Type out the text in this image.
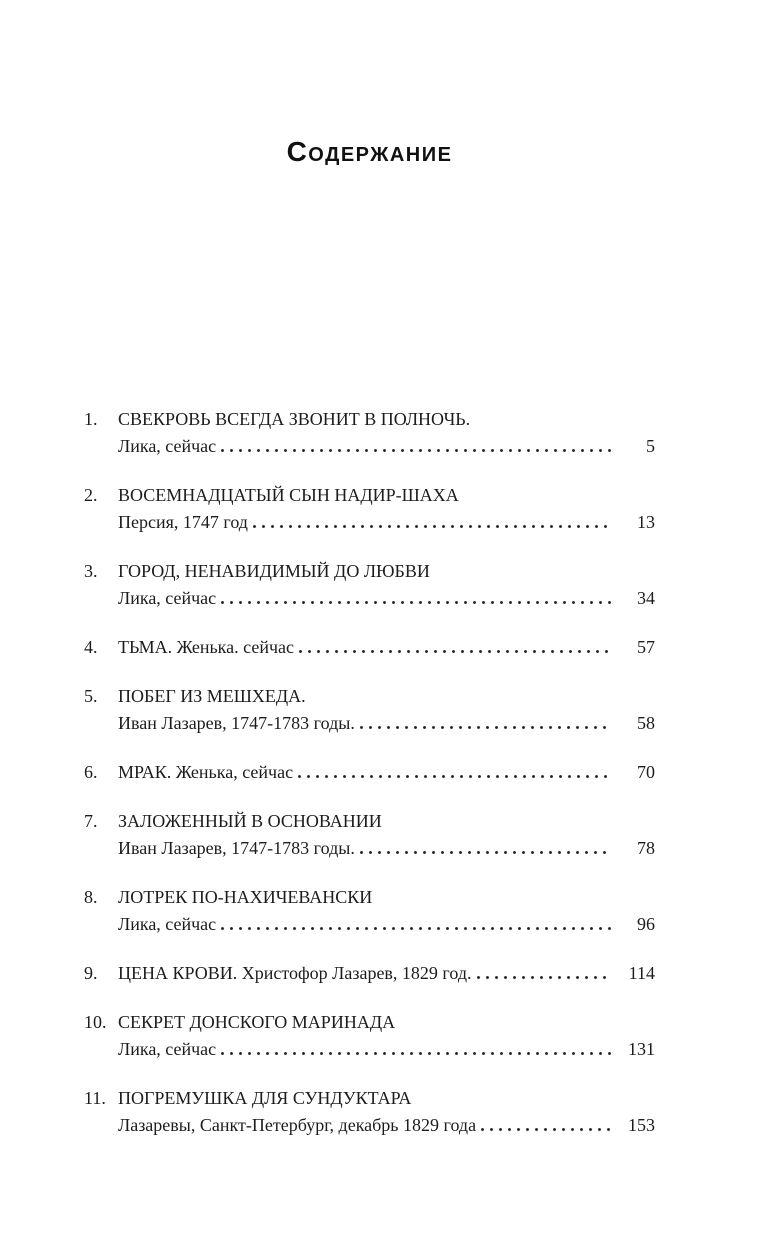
Содержание
1.	СВЕКРОВЬ ВСЕГДА ЗВОНИТ В ПОЛНОЧЬ.
Лика, сейчас	5
2.	ВОСЕМНАДЦАТЫЙ СЫН НАДИР-ШАХА
Персия, 1747 год	13
3.	ГОРОД, НЕНАВИДИМЫЙ ДО ЛЮБВИ
Лика, сейчас	34
4.	ТЬМА. Женька. сейчас	57
5.	ПОБЕГ ИЗ МЕШХЕДА.
Иван Лазарев, 1747-1783 годы.	58
6.	МРАК. Женька, сейчас	70
7.	ЗАЛОЖЕННЫЙ В ОСНОВАНИИ
Иван Лазарев, 1747-1783 годы.	78
8.	ЛОТРЕК ПО-НАХИЧЕВАНСКИ
Лика, сейчас	96
9.	ЦЕНА КРОВИ. Христофор Лазарев, 1829 год.	114
10. СЕКРЕТ ДОНСКОГО МАРИНАДА
Лика, сейчас	131
11. ПОГРЕМУШКА ДЛЯ СУНДУКТАРА
Лазаревы, Санкт-Петербург, декабрь 1829 года	153
